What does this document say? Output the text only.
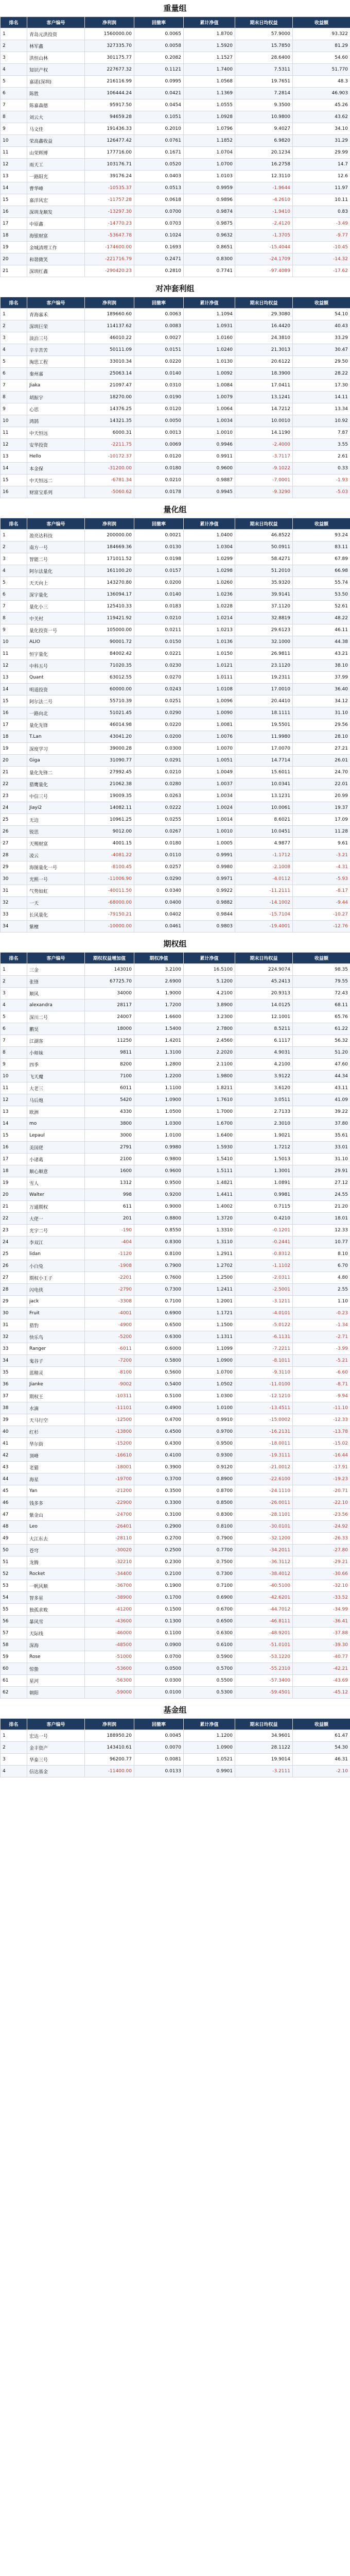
重量组
排名	客户编号	净利润	回撤率	累计净值	期末日均权益	收益额
1	青岛元洪投资	1560000.00	0.0065	1.8700	57.9000	93.322
2	林军鑫	327335.70	0.0058	1.5920	15.7850	81.29
3	洪恒山林	301175.77	0.2082	1.1527	28.6400	54.60
4	知识产权	227677.32	0.1121	1.7400	7.5311	51.770
5	嘉诺(深圳)	216116.99	0.0995	1.0568	19.7651	48.3
6	陈胜	106444.24	0.0421	1.1369	7.2814	46.903
7	陈嘉森德	95917.50	0.0454	1.0555	9.3500	45.26
8	刘云大	94659.28	0.1051	1.0928	10.9800	43.62
9	马文佳	191436.33	0.2010	1.0796	9.4027	34.10
10	荣高鑫收益	126477.42	0.0761	1.1852	6.9820	31.29
11	山荣辉博	177716.00	0.1671	1.0704	20.1234	29.99
12	雨天工	103176.71	0.0520	1.0700	16.2758	14.7
13	一路阳光	39176.24	0.0403	1.0103	12.3110	12.6
14	曹华峰	-10535.37	0.0513	0.9959	-1.9644	11.97
15	嘉洋风宏	-11757.28	0.0618	0.9896	-4.2610	10.11
16	深圳龙顺发	-13297.30	0.0700	0.9874	-1.9410	0.83
17	中原鑫	-14770.23	0.0703	0.9875	-2.4120	-3.49
18	海银财富	-53647.78	0.1024	0.9632	-1.3705	-9.77
19	金城清理工作	-174600.00	0.1693	0.8651	-15.4044	-10.45
20	和谐微笑	-221716.79	0.2471	0.8300	-24.1709	-14.32
21	深圳红鑫	-290420.23	0.2810	0.7741	-97.4089	-17.62
对冲套利组
排名	客户编号	净利润	回撤率	累计净值	期末日均权益	收益额
1	青海嘉禾	189660.60	0.0063	1.1094	29.3080	54.10
2	深圳巨荣	114137.62	0.0083	1.0931	16.4420	40.43
3	淡泊三号	46010.22	0.0027	1.0160	24.3810	33.29
4	辛辛苦苦	50111.09	0.0151	1.0240	21.3013	30.47
5	淘思工程	33010.34	0.0220	1.0130	20.6122	29.50
6	秦州嘉	25063.14	0.0140	1.0092	18.3900	28.22
7	Jiaka	21097.47	0.0310	1.0084	17.0411	17.30
8	胡振宇	18270.00	0.0190	1.0079	13.1241	14.11
9	心思	14376.25	0.0120	1.0064	14.7212	13.34
10	鸿鹄	14321.35	0.0050	1.0034	10.0010	10.92
11	中天恒远	6000.31	0.0013	1.0010	14.1190	7.87
12	安华投资	-2211.75	0.0069	0.9946	-2.4000	3.55
13	Hello	-10172.37	0.0120	0.9911	-3.7117	2.61
14	本金保	-31200.00	0.0180	0.9600	-9.1022	0.33
15	中天恒远二	-6781.34	0.0210	0.9887	-7.0001	-1.93
16	财富宝系列	-5060.62	0.0178	0.9945	-9.3290	-5.03
量化组
排名	客户编号	净利润	回撤率	累计净值	期末日均权益	收益额
1	盈亮达科技	200000.00	0.0021	1.0400	46.8522	93.24
2	南方一号	184669.36	0.0130	1.0304	50.0911	83.11
3	智能二号	171011.52	0.0198	1.0299	58.4271	67.89
4	阿尔法量化	161100.20	0.0157	1.0298	51.2010	66.98
5	天天向上	143270.80	0.0200	1.0260	35.9320	55.74
6	深宇量化	136094.17	0.0140	1.0236	39.9141	53.50
7	量化小三	125410.33	0.0183	1.0228	37.1120	52.61
8	中关村	119421.92	0.0210	1.0214	32.8819	48.22
9	量化投资一号	105000.00	0.0211	1.0213	29.6123	46.11
10	ALIO	90001.72	0.0150	1.0136	32.1000	44.38
11	恒宇量化	84002.42	0.0221	1.0150	26.9811	43.21
12	中科五号	71020.35	0.0230	1.0121	23.1120	38.10
13	Quant	63012.55	0.0270	1.0111	19.2311	37.99
14	明道投资	60000.00	0.0243	1.0108	17.0010	36.40
15	阿尔法二号	55710.39	0.0251	1.0096	20.4410	34.12
16	一路向北	51021.45	0.0290	1.0090	18.1111	31.10
17	量化先锋	46014.98	0.0220	1.0081	19.5501	29.56
18	T.Lan	43041.20	0.0200	1.0076	11.9980	28.10
19	深度学习	39000.28	0.0300	1.0070	17.0070	27.21
20	Giga	31090.77	0.0291	1.0051	14.7714	26.01
21	量化先锋二	27992.45	0.0210	1.0049	15.6011	24.70
22	猎鹰量化	21062.38	0.0280	1.0037	10.0341	22.01
23	中信三号	19009.35	0.0263	1.0034	13.1231	20.99
24	Jiayi2	14082.11	0.0222	1.0024	10.0061	19.37
25	无边	10961.25	0.0255	1.0014	8.6021	17.09
26	锐思	9012.00	0.0267	1.0010	10.0451	11.28
27	天赐财富	4001.15	0.0180	1.0005	4.9877	9.61
28	凌云	-4081.22	0.0110	0.9991	-1.1712	-3.21
29	海图量化一号	-8100.45	0.0257	0.9980	-2.1008	-4.31
30	光熙一号	-11006.90	0.0290	0.9971	-4.0112	-5.93
31	气势如虹	-40011.50	0.0340	0.9922	-11.2111	-8.17
32	一天	-68000.00	0.0400	0.9882	-14.1002	-9.44
33	长风量化	-79150.21	0.0402	0.9844	-15.7104	-10.27
34	紫檀	-10000.00	0.0461	0.9803	-19.4001	-12.76
期权组
排名	客户编号	期权权益增加值	期权净值	累计净值	期末日均权益	收益额
1	三金	143010	3.2100	16.5100	224.9074	98.35
2	张锋	67725.70	2.6900	5.1200	45.2413	79.55
3	顺风	34000	1.9000	4.2100	20.9313	72.43
4	alexandra	28117	1.7200	3.8900	14.0125	68.11
5	深川二号	24007	1.6600	3.2300	12.1001	65.76
6	鹏昊	18000	1.5400	2.7800	8.5211	61.22
7	江湖客	11250	1.4201	2.4560	6.1117	56.32
8	小师妹	9811	1.3100	2.2020	4.9031	51.20
9	四季	8200	1.2800	2.1100	4.2100	47.60
10	飞天魔	7100	1.2200	1.9800	3.9122	44.34
11	大老三	6011	1.1100	1.8211	3.6120	43.11
12	马后炮	5420	1.0900	1.7610	3.0511	41.09
13	欧洲	4330	1.0500	1.7000	2.7133	39.22
14	mo	3800	1.0300	1.6700	2.3010	37.80
15	Lepaul	3000	1.0100	1.6400	1.9021	35.61
16	美国佬	2791	0.9980	1.5930	1.7212	33.01
17	小诸葛	2100	0.9800	1.5410	1.5013	31.10
18	顺心顺意	1600	0.9600	1.5111	1.3001	29.91
19	雪人	1312	0.9500	1.4821	1.0891	27.12
20	Walter	998	0.9200	1.4411	0.9981	24.55
21	万通期权	611	0.9000	1.4002	0.7115	21.20
22	大佬一	201	0.8800	1.3720	0.4210	18.01
23	光宇二号	-190	0.8550	1.3310	-0.1201	12.33
24	李双江	-404	0.8300	1.3110	-0.2441	10.77
25	lidan	-1120	0.8100	1.2911	-0.8312	8.10
26	小白兔	-1908	0.7900	1.2702	-1.1102	6.70
27	期权小王子	-2201	0.7600	1.2500	-2.0311	4.80
28	闪电侠	-2790	0.7300	1.2411	-2.5001	2.55
29	jack	-3308	0.7100	1.2001	-3.1211	1.10
30	Fruit	-4001	0.6900	1.1721	-4.0101	-0.23
31	猎豹	-4900	0.6500	1.1500	-5.0122	-1.34
32	快乐鸟	-5200	0.6300	1.1311	-6.1131	-2.71
33	Ranger	-6011	0.6000	1.1099	-7.2211	-3.99
34	鬼谷子	-7200	0.5800	1.0900	-8.1011	-5.21
35	蓝精灵	-8100	0.5600	1.0700	-9.3110	-6.60
36	Jianke	-9002	0.5400	1.0502	-11.0100	-8.71
37	期权王	-10311	0.5100	1.0300	-12.1210	-9.94
38	水滴	-11101	0.4900	1.0100	-13.4511	-11.10
39	天马行空	-12500	0.4700	0.9910	-15.0002	-12.33
40	红杉	-13800	0.4500	0.9700	-16.2131	-13.78
41	华尔街	-15200	0.4300	0.9500	-18.0011	-15.02
42	顶峰	-16610	0.4100	0.9300	-19.3111	-16.44
43	老猫	-18001	0.3900	0.9120	-21.0012	-17.91
44	海星	-19700	0.3700	0.8900	-22.6100	-19.23
45	Yan	-21200	0.3500	0.8700	-24.1110	-20.71
46	钱多多	-22900	0.3300	0.8500	-26.0011	-22.10
47	紫金山	-24700	0.3100	0.8300	-28.1101	-23.56
48	Leo	-26401	0.2900	0.8100	-30.0101	-24.92
49	大江东去	-28110	0.2700	0.7900	-32.1200	-26.33
50	苍穹	-30020	0.2500	0.7700	-34.2011	-27.80
51	龙腾	-32210	0.2300	0.7500	-36.3112	-29.21
52	Rocket	-34400	0.2100	0.7300	-38.4012	-30.66
53	一帆风顺	-36700	0.1900	0.7100	-40.5100	-32.10
54	智多星	-38900	0.1700	0.6900	-42.6201	-33.52
55	独孤求败	-41200	0.1500	0.6700	-44.7012	-34.99
56	暴风雪	-43600	0.1300	0.6500	-46.8111	-36.41
57	天际线	-46000	0.1100	0.6300	-48.9201	-37.88
58	深海	-48500	0.0900	0.6100	-51.0101	-39.30
59	Rose	-51000	0.0700	0.5900	-53.1220	-40.77
60	惊蛰	-53600	0.0500	0.5700	-55.2310	-42.21
61	星河	-56300	0.0300	0.5500	-57.3400	-43.69
62	朝阳	-59000	0.0100	0.5300	-59.4501	-45.12
基金组
排名	客户编号	净利润	回撤率	累计净值	期末日均权益	收益额
1	宏达一号	188950.20	0.0045	1.1200	34.9601	61.47
2	金丰资产	143410.61	0.0070	1.0900	28.1122	54.30
3	华泰三号	96200.77	0.0081	1.0521	19.9014	46.31
4	信达基金	-11400.00	0.0133	0.9901	-3.2111	-2.10
